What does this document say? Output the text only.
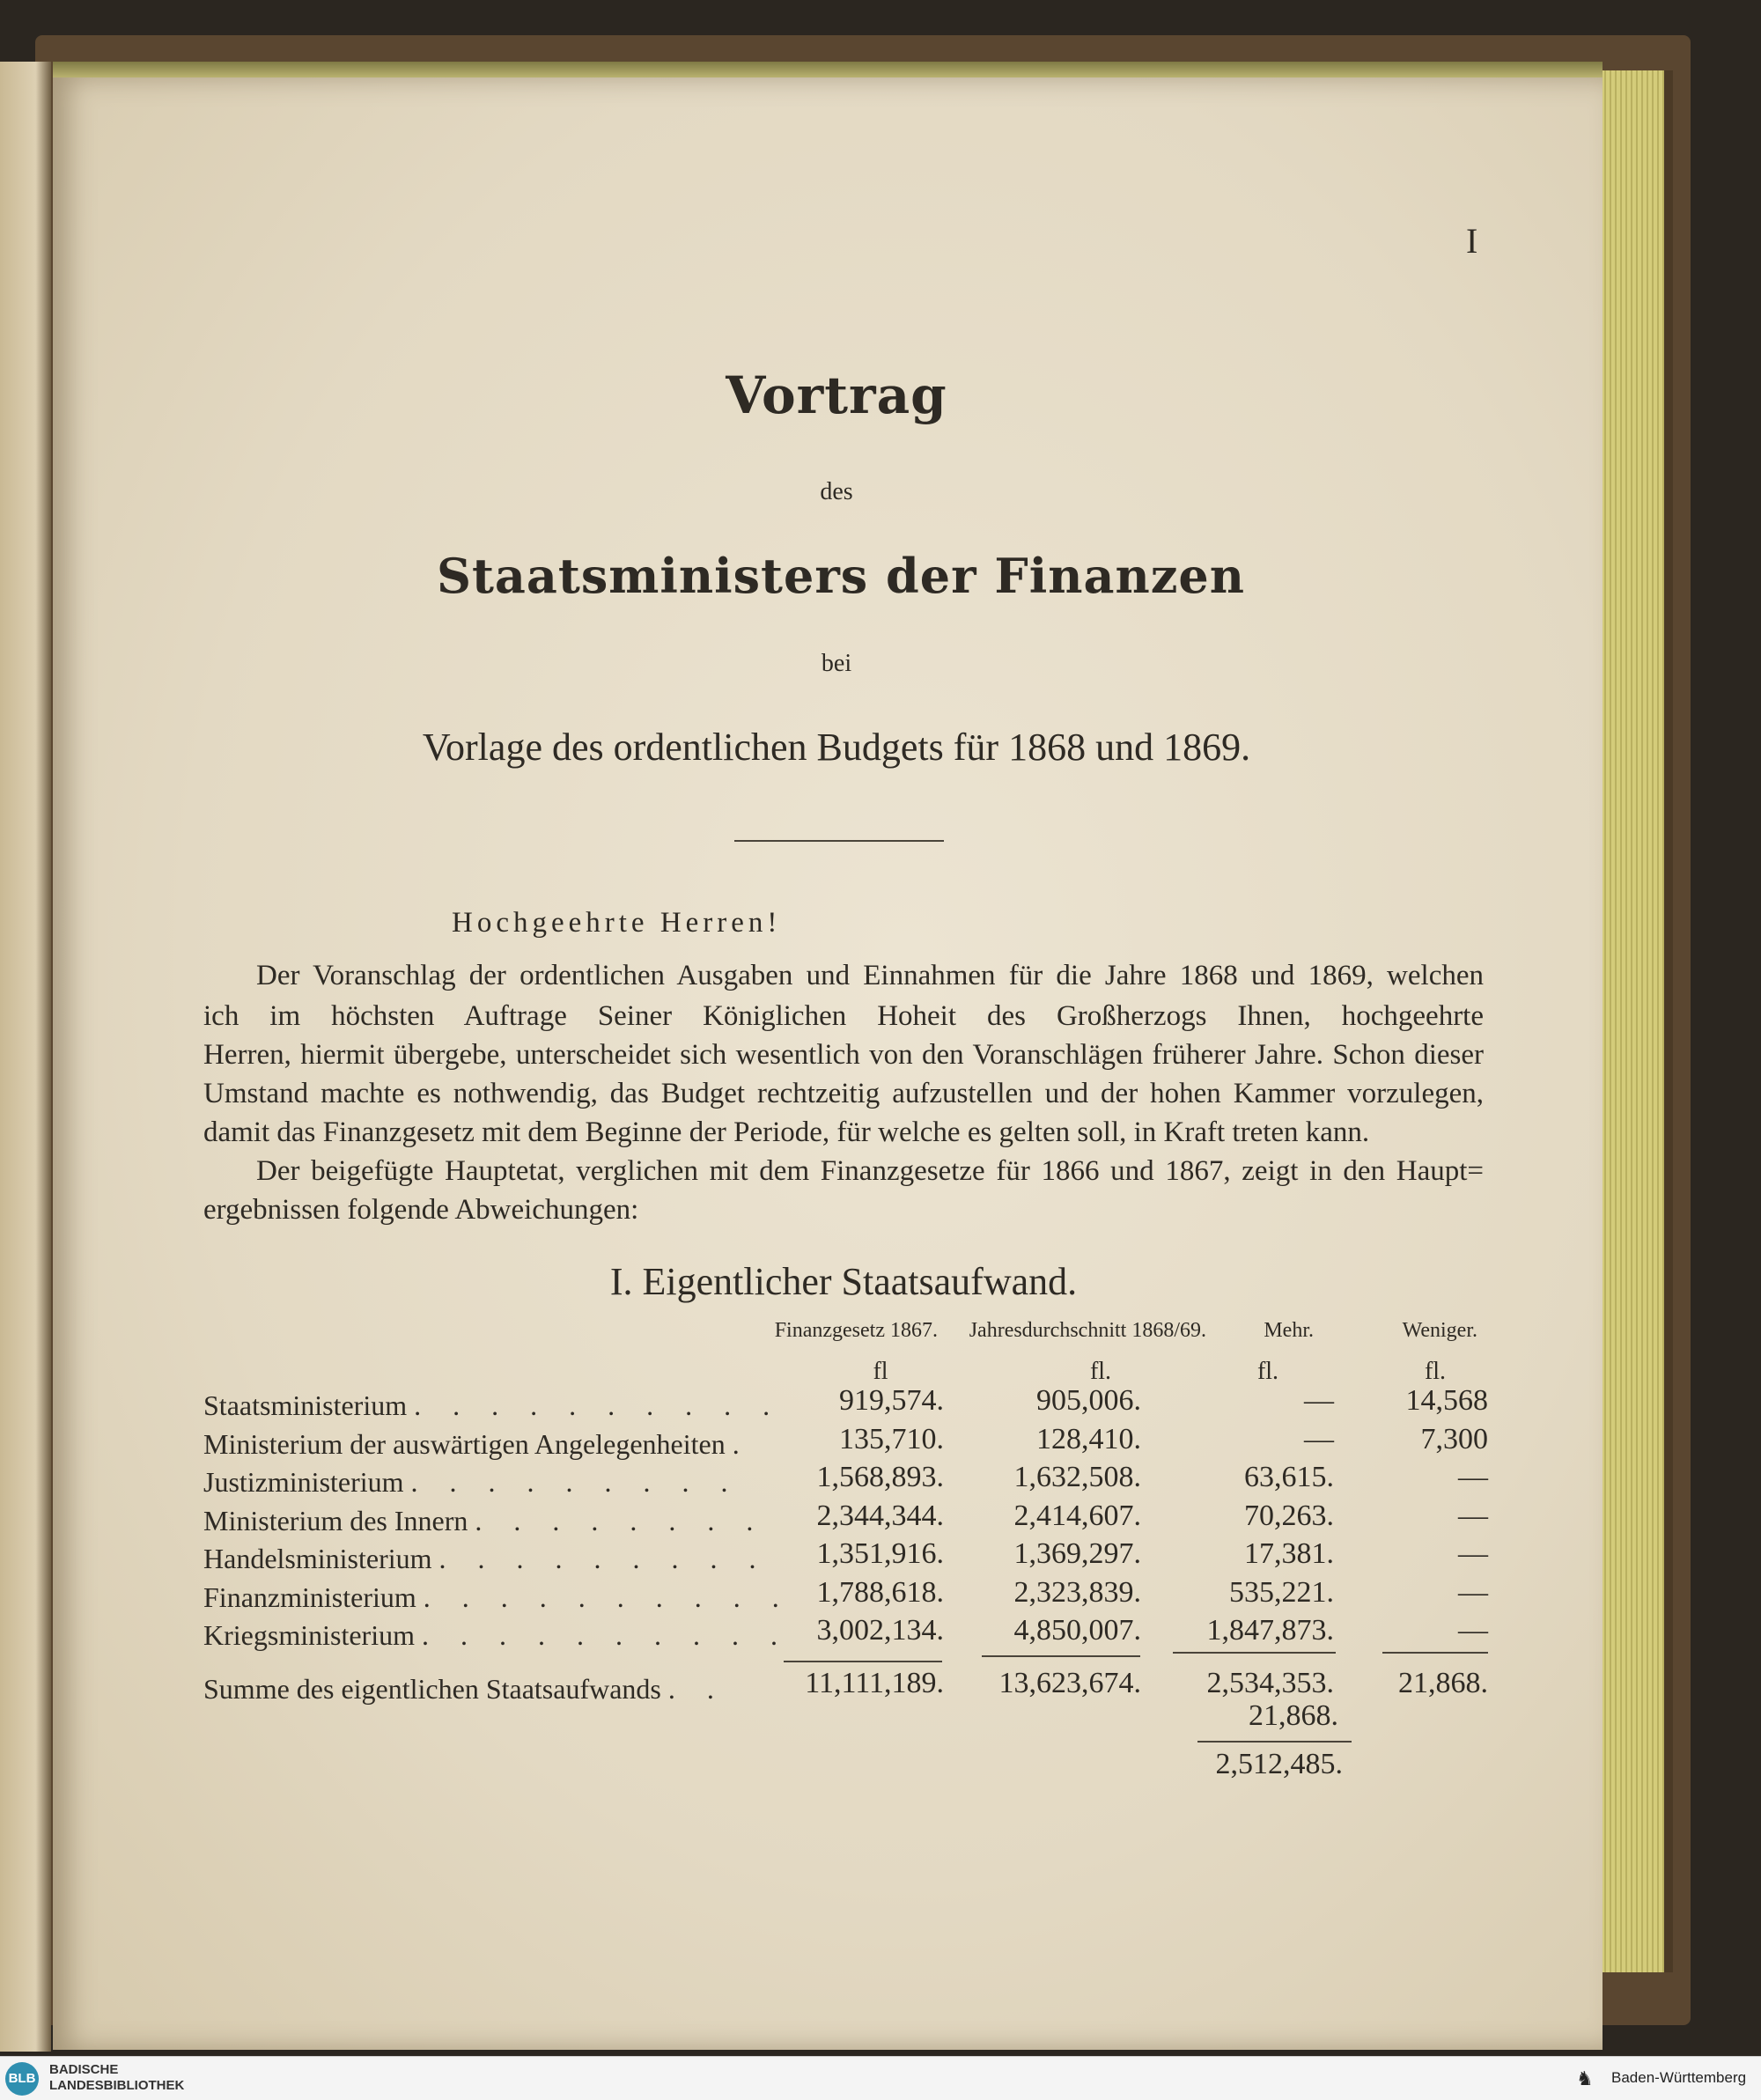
I
Vortrag
des
Staatsministers der Finanzen
bei
Vorlage des ordentlichen Budgets für 1868 und 1869.
Hochgeehrte Herren!
Der Voranschlag der ordentlichen Ausgaben und Einnahmen für die Jahre 1868 und 1869, welchen
ich im höchsten Auftrage Seiner Königlichen Hoheit des Großherzogs Ihnen, hochgeehrte
Herren, hiermit übergebe, unterscheidet sich wesentlich von den Voranschlägen früherer Jahre. Schon dieser
Umstand machte es nothwendig, das Budget rechtzeitig aufzustellen und der hohen Kammer vorzulegen,
damit das Finanzgesetz mit dem Beginne der Periode, für welche es gelten soll, in Kraft treten kann.
Der beigefügte Hauptetat, verglichen mit dem Finanzgesetze für 1866 und 1867, zeigt in den Haupt=
ergebnissen folgende Abweichungen:
I. Eigentlicher Staatsaufwand.
Finanzgesetz 1867. Jahresdurchschnitt 1868/69.	Mehr.	Weniger.
fl	fl.	fl.	fl.
Staatsministerium . . . . . . . . . . 919,574.	905,006.	— 14,568
Ministerium der auswärtigen Angelegenheiten .	135,710.	128,410.	—	7,300
Justizministerium . . . . . . . . .	1,568,893. 1,632,508.	63,615.	—
Ministerium des Innern . . . . . . . . 2,344,344. 2,414,607.	70,263.	—
Handelsministerium . . . . . . . . . 1,351,916. 1,369,297.	17,381.	—
Finanzministerium . . . . . . . . . . 1,788,618. 2,323,839.	535,221.	—
Kriegsministerium . . . . . . . . . . 3,002,134. 4,850,007. 1,847,873.	—
Summe des eigentlichen Staatsaufwands . .	11,111,189. 13,623,674. 2,534,353. 21,868.
21,868.
2,512,485.
BLB
BADISCHE
LANDESBIBLIOTHEK	♞ Baden-Württemberg
